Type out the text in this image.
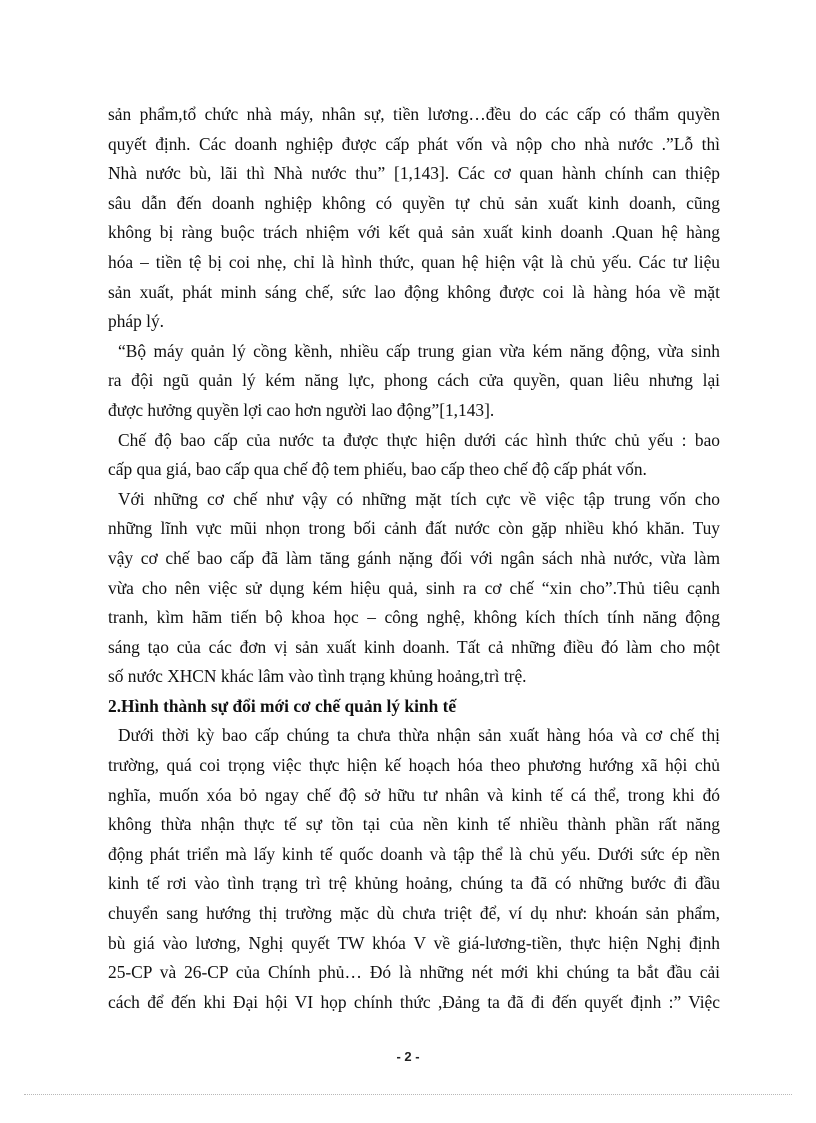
sản phẩm,tổ chức nhà máy, nhân sự, tiền lương…đều do các cấp có thẩm quyền
quyết định. Các doanh nghiệp được cấp phát vốn và nộp cho nhà nước .”Lỗ thì
Nhà nước bù, lãi thì Nhà nước thu” [1,143]. Các cơ quan hành chính can thiệp
sâu dẫn đến doanh nghiệp không có quyền tự chủ sản xuất kinh doanh, cũng
không bị ràng buộc trách nhiệm với kết quả sản xuất kinh doanh .Quan hệ hàng
hóa – tiền tệ bị coi nhẹ, chỉ là hình thức, quan hệ hiện vật là chủ yếu. Các tư liệu
sản xuất, phát minh sáng chế, sức lao động không được coi là hàng hóa về mặt
pháp lý.
“Bộ máy quản lý cồng kềnh, nhiều cấp trung gian vừa kém năng động, vừa sinh
ra đội ngũ quản lý kém năng lực, phong cách cửa quyền, quan liêu nhưng lại
được hưởng quyền lợi cao hơn người lao động”[1,143].
Chế độ bao cấp của nước ta được thực hiện dưới các hình thức chủ yếu : bao
cấp qua giá, bao cấp qua chế độ tem phiếu, bao cấp theo chế độ cấp phát vốn.
Với những cơ chế như vậy có những mặt tích cực về việc tập trung vốn cho
những lĩnh vực mũi nhọn trong bối cảnh đất nước còn gặp nhiều khó khăn. Tuy
vậy cơ chế bao cấp đã làm tăng gánh nặng đối với ngân sách nhà nước, vừa làm
vừa cho nên việc sử dụng kém hiệu quả, sinh ra cơ chế “xin cho”.Thủ tiêu cạnh
tranh, kìm hãm tiến bộ khoa học – công nghệ, không kích thích tính năng động
sáng tạo của các đơn vị sản xuất kinh doanh. Tất cả những điều đó làm cho một
số nước XHCN khác lâm vào tình trạng khủng hoảng,trì trệ.
2.Hình thành sự đổi mới cơ chế quản lý kinh tế
Dưới thời kỳ bao cấp chúng ta chưa thừa nhận sản xuất hàng hóa và cơ chế thị
trường, quá coi trọng việc thực hiện kế hoạch hóa theo phương hướng xã hội chủ
nghĩa, muốn xóa bỏ ngay chế độ sở hữu tư nhân và kinh tế cá thể, trong khi đó
không thừa nhận thực tế sự tồn tại của nền kinh tế nhiều thành phần rất năng
động phát triển mà lấy kinh tế quốc doanh và tập thể là chủ yếu. Dưới sức ép nền
kinh tế rơi vào tình trạng trì trệ khủng hoảng, chúng ta đã có những bước đi đầu
chuyển sang hướng thị trường mặc dù chưa triệt để, ví dụ như: khoán sản phẩm,
bù giá vào lương, Nghị quyết TW khóa V về giá-lương-tiền, thực hiện Nghị định
25-CP và 26-CP của Chính phủ… Đó là những nét mới khi chúng ta bắt đầu cải
cách để đến khi Đại hội VI họp chính thức ,Đảng ta đã đi đến quyết định :” Việc
- 2 -
